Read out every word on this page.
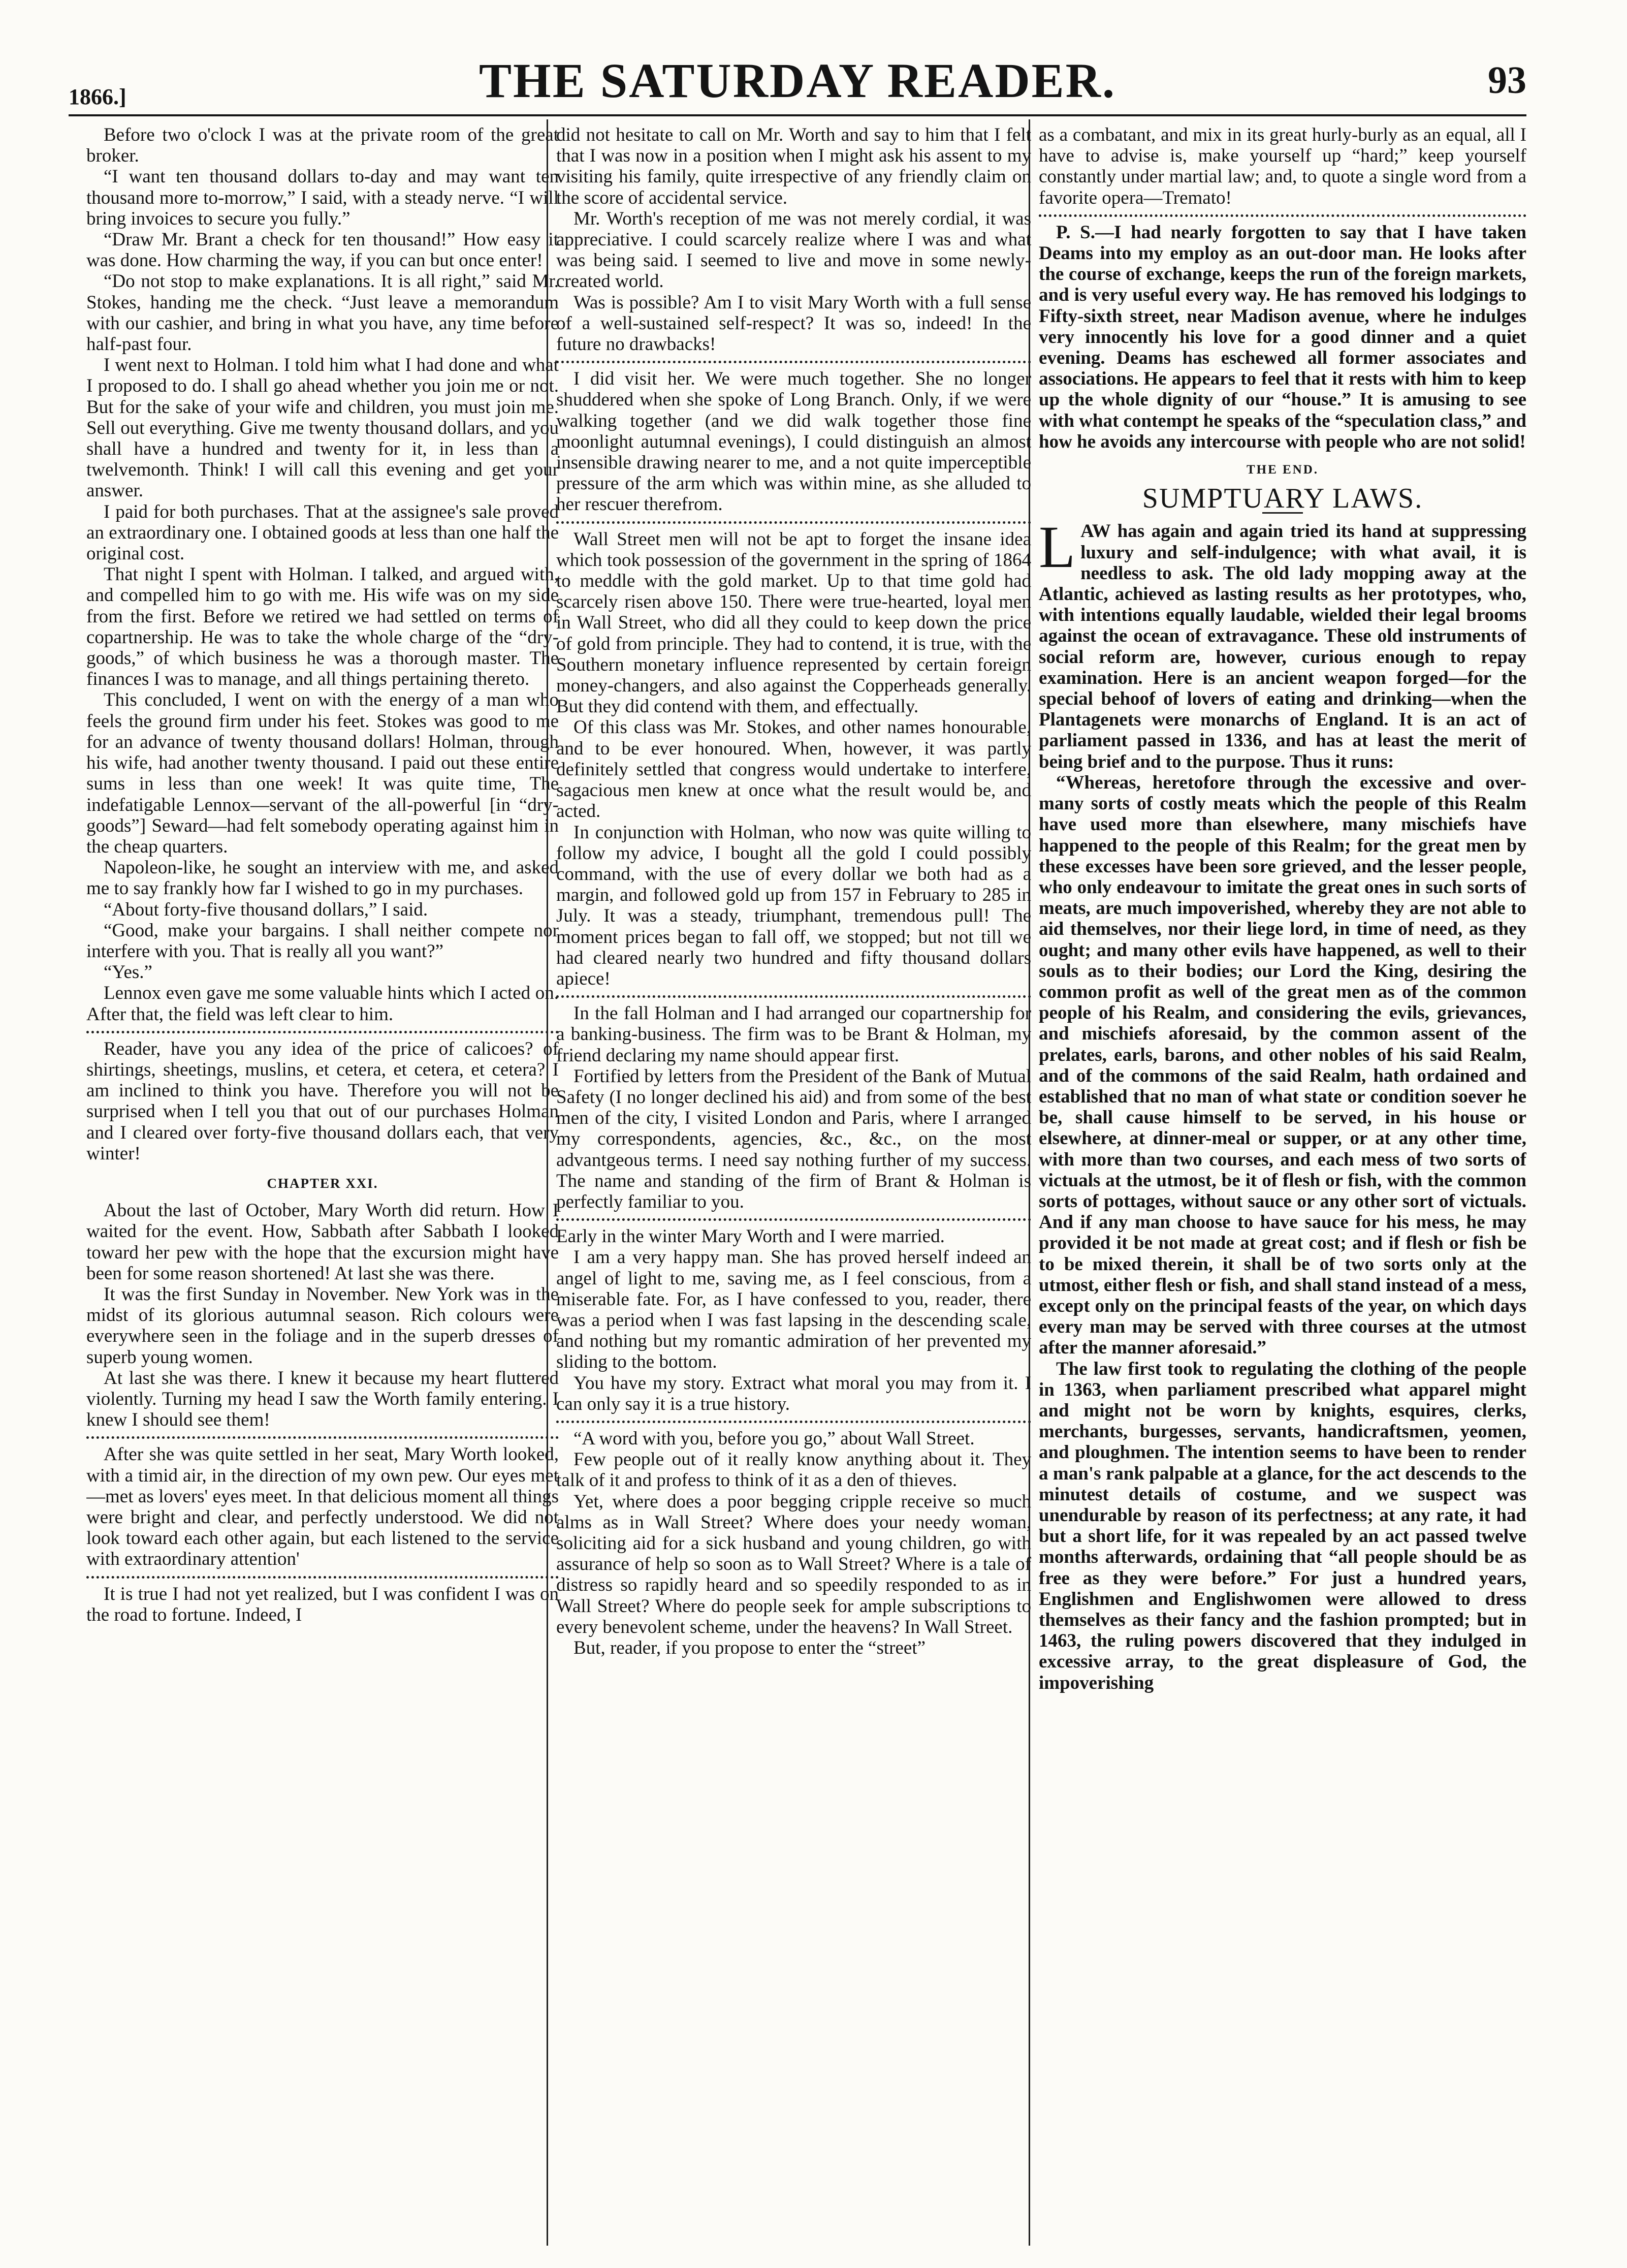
1866.]	THE SATURDAY READER.	93

Before two o'clock I was at the private room of the great broker.

“I want ten thousand dollars to-day and may want ten thousand more to-morrow,” I said, with a steady nerve. “I will bring invoices to secure you fully.”

“Draw Mr. Brant a check for ten thousand!” How easy it was done. How charming the way, if you can but once enter!

“Do not stop to make explanations. It is all right,” said Mr. Stokes, handing me the check. “Just leave a memorandum with our cashier, and bring in what you have, any time before half-past four.

I went next to Holman. I told him what I had done and what I proposed to do. I shall go ahead whether you join me or not. But for the sake of your wife and children, you must join me. Sell out everything. Give me twenty thousand dollars, and you shall have a hundred and twenty for it, in less than a twelvemonth. Think! I will call this evening and get your answer.

I paid for both purchases. That at the assignee's sale proved an extraordinary one. I obtained goods at less than one half the original cost.

That night I spent with Holman. I talked, and argued with, and compelled him to go with me. His wife was on my side from the first. Before we retired we had settled on terms of copartnership. He was to take the whole charge of the “dry-goods,” of which business he was a thorough master. The finances I was to manage, and all things pertaining thereto.

This concluded, I went on with the energy of a man who feels the ground firm under his feet. Stokes was good to me for an advance of twenty thousand dollars! Holman, through his wife, had another twenty thousand. I paid out these entire sums in less than one week! It was quite time, The indefatigable Lennox—servant of the all-powerful [in “dry-goods”] Seward—had felt somebody operating against him in the cheap quarters.

Napoleon-like, he sought an interview with me, and asked me to say frankly how far I wished to go in my purchases.

“About forty-five thousand dollars,” I said.

“Good, make your bargains. I shall neither compete nor interfere with you. That is really all you want?”

“Yes.”

Lennox even gave me some valuable hints which I acted on. After that, the field was left clear to him.

Reader, have you any idea of the price of calicoes? of shirtings, sheetings, muslins, et cetera, et cetera, et cetera? I am inclined to think you have. Therefore you will not be surprised when I tell you that out of our purchases Holman and I cleared over forty-five thousand dollars each, that very winter!

CHAPTER XXI.

About the last of October, Mary Worth did return. How I waited for the event. How, Sabbath after Sabbath I looked toward her pew with the hope that the excursion might have been for some reason shortened! At last she was there.

It was the first Sunday in November. New York was in the midst of its glorious autumnal season. Rich colours were everywhere seen in the foliage and in the superb dresses of superb young women.

At last she was there. I knew it because my heart fluttered violently. Turning my head I saw the Worth family entering. I knew I should see them!

After she was quite settled in her seat, Mary Worth looked, with a timid air, in the direction of my own pew. Our eyes met—met as lovers' eyes meet. In that delicious moment all things were bright and clear, and perfectly understood. We did not look toward each other again, but each listened to the service with extraordinary attention'

It is true I had not yet realized, but I was confident I was on the road to fortune. Indeed, I

did not hesitate to call on Mr. Worth and say to him that I felt that I was now in a position when I might ask his assent to my visiting his family, quite irrespective of any friendly claim on the score of accidental service.

Mr. Worth's reception of me was not merely cordial, it was appreciative. I could scarcely realize where I was and what was being said. I seemed to live and move in some newly-created world.

Was is possible? Am I to visit Mary Worth with a full sense of a well-sustained self-respect? It was so, indeed! In the future no drawbacks!

I did visit her. We were much together. She no longer shuddered when she spoke of Long Branch. Only, if we were walking together (and we did walk together those fine moonlight autumnal evenings), I could distinguish an almost insensible drawing nearer to me, and a not quite imperceptible pressure of the arm which was within mine, as she alluded to her rescuer therefrom.

Wall Street men will not be apt to forget the insane idea which took possession of the government in the spring of 1864 to meddle with the gold market. Up to that time gold had scarcely risen above 150. There were true-hearted, loyal men in Wall Street, who did all they could to keep down the price of gold from principle. They had to contend, it is true, with the Southern monetary influence represented by certain foreign money-changers, and also against the Copperheads generally. But they did contend with them, and effectually.

Of this class was Mr. Stokes, and other names honourable, and to be ever honoured. When, however, it was partly definitely settled that congress would undertake to interfere, sagacious men knew at once what the result would be, and acted.

In conjunction with Holman, who now was quite willing to follow my advice, I bought all the gold I could possibly command, with the use of every dollar we both had as a margin, and followed gold up from 157 in February to 285 in July. It was a steady, triumphant, tremendous pull! The moment prices began to fall off, we stopped; but not till we had cleared nearly two hundred and fifty thousand dollars apiece!

In the fall Holman and I had arranged our copartnership for a banking-business. The firm was to be Brant & Holman, my friend declaring my name should appear first.

Fortified by letters from the President of the Bank of Mutual Safety (I no longer declined his aid) and from some of the best men of the city, I visited London and Paris, where I arranged my correspondents, agencies, &c., &c., on the most advantgeous terms. I need say nothing further of my success. The name and standing of the firm of Brant & Holman is perfectly familiar to you.

Early in the winter Mary Worth and I were married.

I am a very happy man. She has proved herself indeed an angel of light to me, saving me, as I feel conscious, from a miserable fate. For, as I have confessed to you, reader, there was a period when I was fast lapsing in the descending scale, and nothing but my romantic admiration of her prevented my sliding to the bottom.

You have my story. Extract what moral you may from it. I can only say it is a true history.

“A word with you, before you go,” about Wall Street.

Few people out of it really know anything about it. They talk of it and profess to think of it as a den of thieves.

Yet, where does a poor begging cripple receive so much alms as in Wall Street? Where does your needy woman, soliciting aid for a sick husband and young children, go with assurance of help so soon as to Wall Street? Where is a tale of distress so rapidly heard and so speedily responded to as in Wall Street? Where do people seek for ample subscriptions to every benevolent scheme, under the heavens? In Wall Street.

But, reader, if you propose to enter the “street”

as a combatant, and mix in its great hurly-burly as an equal, all I have to advise is, make yourself up “hard;” keep yourself constantly under martial law; and, to quote a single word from a favorite opera—Tremato!

P. S.—I had nearly forgotten to say that I have taken Deams into my employ as an out-door man. He looks after the course of exchange, keeps the run of the foreign markets, and is very useful every way. He has removed his lodgings to Fifty-sixth street, near Madison avenue, where he indulges very innocently his love for a good dinner and a quiet evening. Deams has eschewed all former associates and associations. He appears to feel that it rests with him to keep up the whole dignity of our “house.” It is amusing to see with what contempt he speaks of the “speculation class,” and how he avoids any intercourse with people who are not solid!

THE END.
SUMPTUARY LAWS.

LAW has again and again tried its hand at suppressing luxury and self-indulgence; with what avail, it is needless to ask. The old lady mopping away at the Atlantic, achieved as lasting results as her prototypes, who, with intentions equally laudable, wielded their legal brooms against the ocean of extravagance. These old instruments of social reform are, however, curious enough to repay examination. Here is an ancient weapon forged—for the special behoof of lovers of eating and drinking—when the Plantagenets were monarchs of England. It is an act of parliament passed in 1336, and has at least the merit of being brief and to the purpose. Thus it runs:

“Whereas, heretofore through the excessive and over-many sorts of costly meats which the people of this Realm have used more than elsewhere, many mischiefs have happened to the people of this Realm; for the great men by these excesses have been sore grieved, and the lesser people, who only endeavour to imitate the great ones in such sorts of meats, are much impoverished, whereby they are not able to aid themselves, nor their liege lord, in time of need, as they ought; and many other evils have happened, as well to their souls as to their bodies; our Lord the King, desiring the common profit as well of the great men as of the common people of his Realm, and considering the evils, grievances, and mischiefs aforesaid, by the common assent of the prelates, earls, barons, and other nobles of his said Realm, and of the commons of the said Realm, hath ordained and established that no man of what state or condition soever he be, shall cause himself to be served, in his house or elsewhere, at dinner-meal or supper, or at any other time, with more than two courses, and each mess of two sorts of victuals at the utmost, be it of flesh or fish, with the common sorts of pottages, without sauce or any other sort of victuals. And if any man choose to have sauce for his mess, he may provided it be not made at great cost; and if flesh or fish be to be mixed therein, it shall be of two sorts only at the utmost, either flesh or fish, and shall stand instead of a mess, except only on the principal feasts of the year, on which days every man may be served with three courses at the utmost after the manner aforesaid.”

The law first took to regulating the clothing of the people in 1363, when parliament prescribed what apparel might and might not be worn by knights, esquires, clerks, merchants, burgesses, servants, handicraftsmen, yeomen, and ploughmen. The intention seems to have been to render a man's rank palpable at a glance, for the act descends to the minutest details of costume, and we suspect was unendurable by reason of its perfectness; at any rate, it had but a short life, for it was repealed by an act passed twelve months afterwards, ordaining that “all people should be as free as they were before.” For just a hundred years, Englishmen and Englishwomen were allowed to dress themselves as their fancy and the fashion prompted; but in 1463, the ruling powers discovered that they indulged in excessive array, to the great displeasure of God, the impoverishing
